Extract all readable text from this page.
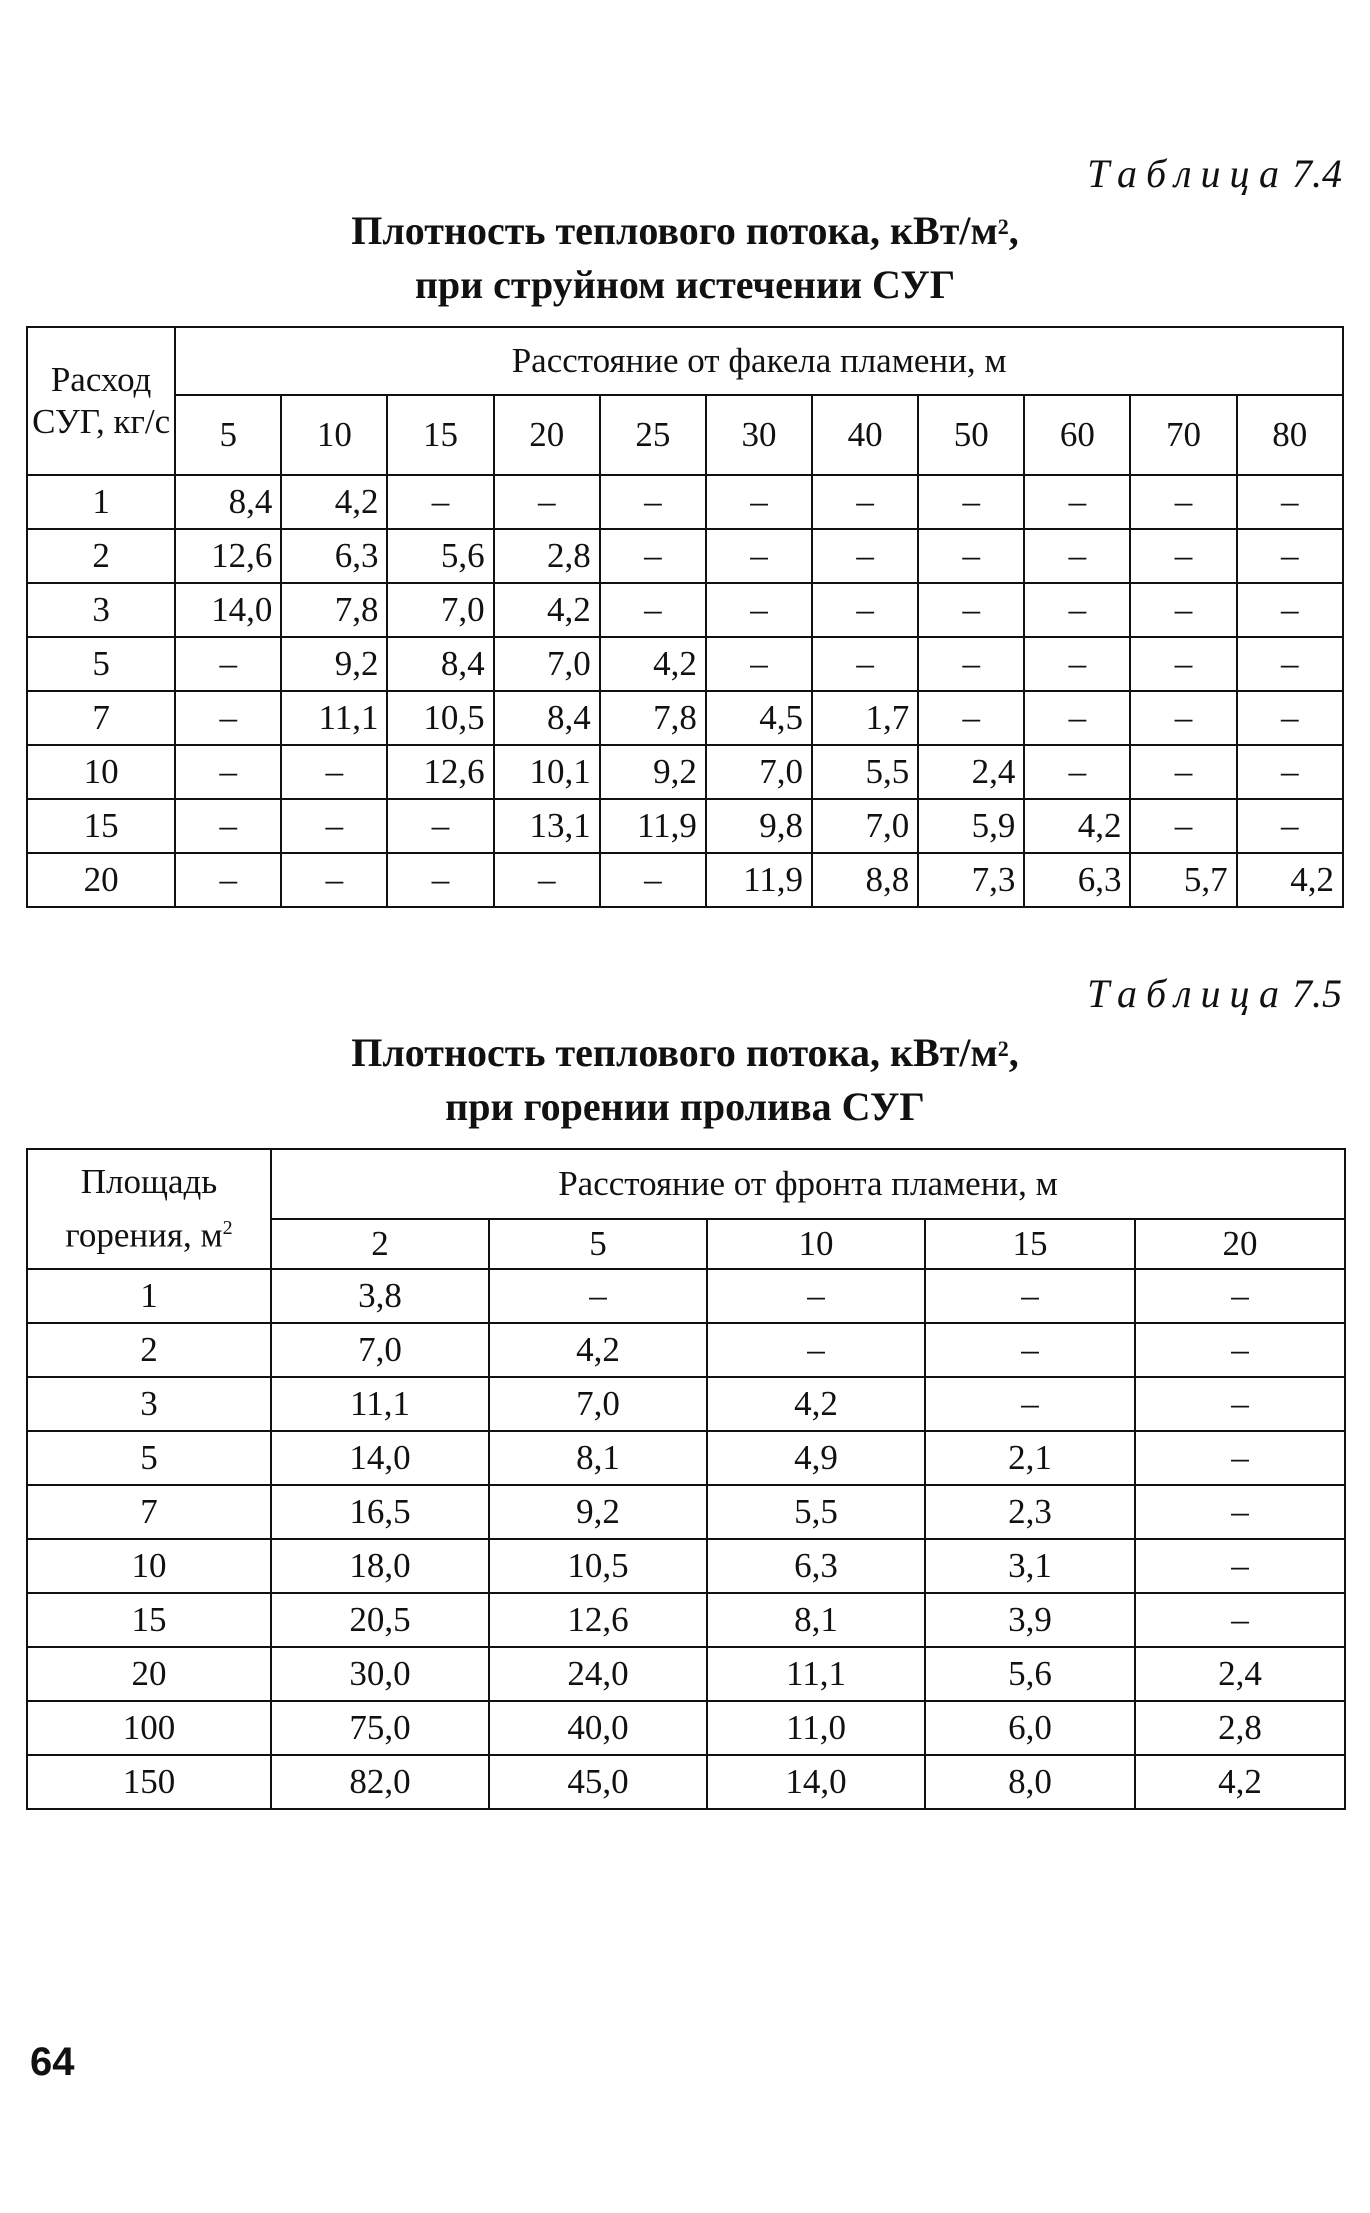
Таблица 7.4
Плотность теплового потока, кВт/$м^2$,
при струйном истечении СУГ
Расход СУГ, кг/с	Расстояние от факела пламени, м										
	5	10	15	20	25	30	40	50	60	70	80
1	8,4	4,2	–	–	–	–	–	–	–	–	–
2	12,6	6,3	5,6	2,8	–	–	–	–	–	–	–
3	14,0	7,8	7,0	4,2	–	–	–	–	–	–	–
5	–	9,2	8,4	7,0	4,2	–	–	–	–	–	–
7	–	11,1	10,5	8,4	7,8	4,5	1,7	–	–	–	–
10	–	–	12,6	10,1	9,2	7,0	5,5	2,4	–	–	–
15	–	–	–	13,1	11,9	9,8	7,0	5,9	4,2	–	–
20	–	–	–	–	–	11,9	8,8	7,3	6,3	5,7	4,2
Таблица 7.5
Плотность теплового потока, кВт/$м^2$,
при горении пролива СУГ
Площадь горения, $м^2$	Расстояние от фронта пламени, м				
	2	5	10	15	20
1	3,8	–	–	–	–
2	7,0	4,2	–	–	–
3	11,1	7,0	4,2	–	–
5	14,0	8,1	4,9	2,1	–
7	16,5	9,2	5,5	2,3	–
10	18,0	10,5	6,3	3,1	–
15	20,5	12,6	8,1	3,9	–
20	30,0	24,0	11,1	5,6	2,4
100	75,0	40,0	11,0	6,0	2,8
150	82,0	45,0	14,0	8,0	4,2
64
